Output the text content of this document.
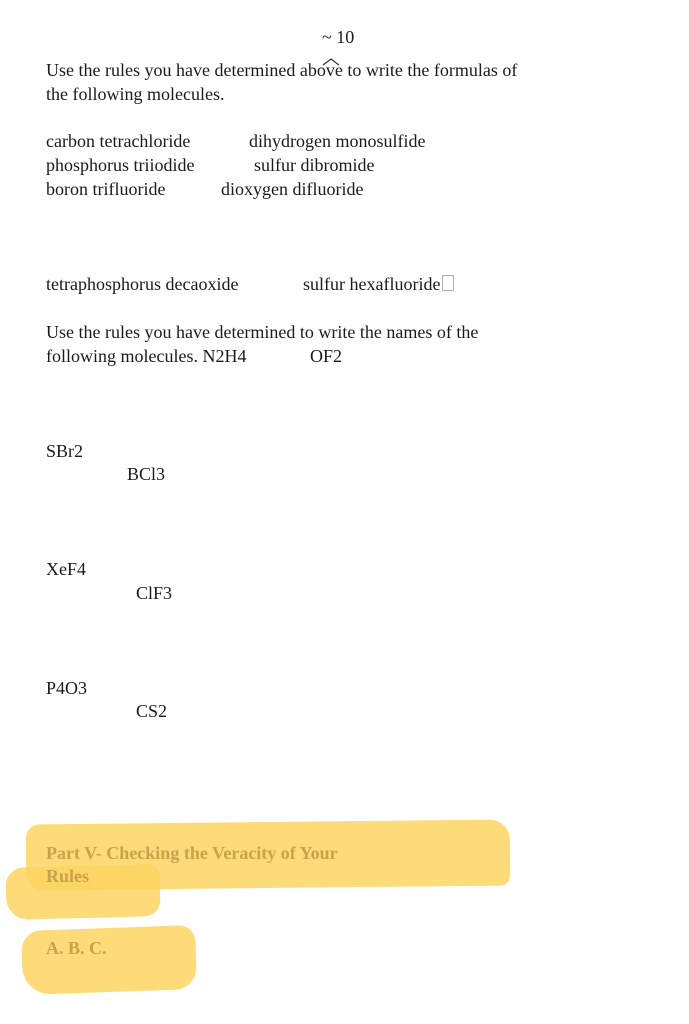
~ 10
Use the rules you have determined above to write the formulas of
the following molecules.
carbon tetrachloride	dihydrogen monosulfide
phosphorus triiodide	sulfur dibromide
boron trifluoride	dioxygen difluoride
tetraphosphorus decaoxide	sulfur hexafluoride
Use the rules you have determined to write the names of the
following molecules. N2H4	OF2
SBr2
BCl3
XeF4
ClF3
P4O3
CS2
Part V- Checking the Veracity of Your
Rules
A. B. C.
